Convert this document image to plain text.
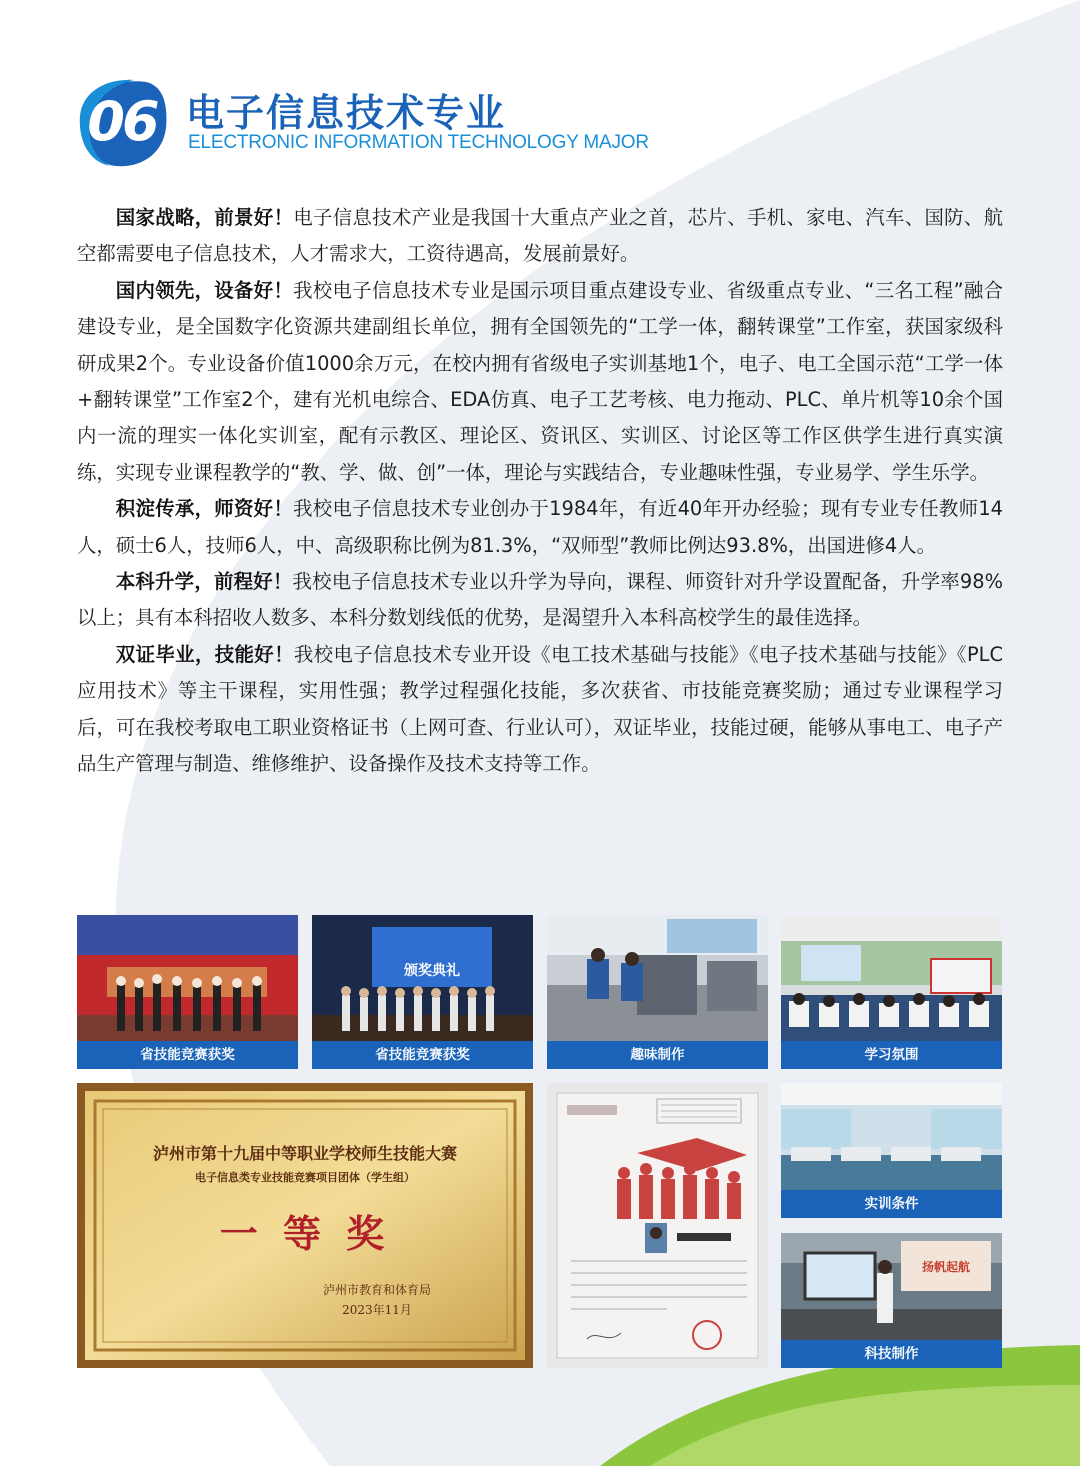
06 电子信息技术专业
ELECTRONIC INFORMATION TECHNOLOGY MAJOR

国家战略，前景好！电子信息技术产业是我国十大重点产业之首，芯片、手机、家电、汽车、国防、航空都需要电子信息技术，人才需求大，工资待遇高，发展前景好。

国内领先，设备好！我校电子信息技术专业是国示项目重点建设专业、省级重点专业、“三名工程”融合建设专业，是全国数字化资源共建副组长单位，拥有全国领先的“工学一体，翻转课堂”工作室，获国家级科研成果2个。专业设备价值1000余万元，在校内拥有省级电子实训基地1个，电子、电工全国示范“工学一体+翻转课堂”工作室2个，建有光机电综合、EDA仿真、电子工艺考核、电力拖动、PLC、单片机等10余个国内一流的理实一体化实训室，配有示教区、理论区、资讯区、实训区、讨论区等工作区供学生进行真实演练，实现专业课程教学的“教、学、做、创”一体，理论与实践结合，专业趣味性强，专业易学、学生乐学。

积淀传承，师资好！我校电子信息技术专业创办于1984年，有近40年开办经验；现有专业专任教师14人，硕士6人，技师6人，中、高级职称比例为81.3%，“双师型”教师比例达93.8%，出国进修4人。

本科升学，前程好！我校电子信息技术专业以升学为导向，课程、师资针对升学设置配备，升学率98%以上；具有本科招收人数多、本科分数划线低的优势，是渴望升入本科高校学生的最佳选择。

双证毕业，技能好！我校电子信息技术专业开设《电工技术基础与技能》《电子技术基础与技能》《PLC应用技术》等主干课程，实用性强；教学过程强化技能，多次获省、市技能竞赛奖励；通过专业课程学习后，可在我校考取电工职业资格证书（上网可查、行业认可），双证毕业，技能过硬，能够从事电工、电子产品生产管理与制造、维修维护、设备操作及技术支持等工作。

省技能竞赛获奖
颁奖典礼
省技能竞赛获奖	趣味制作	学习氛围
泸州市第十九届中等职业学校师生技能大赛
电子信息类专业技能竞赛项目团体（学生组）
一 等 奖
泸州市教育和体育局
2023年11月
实训条件
扬帆起航
科技制作
